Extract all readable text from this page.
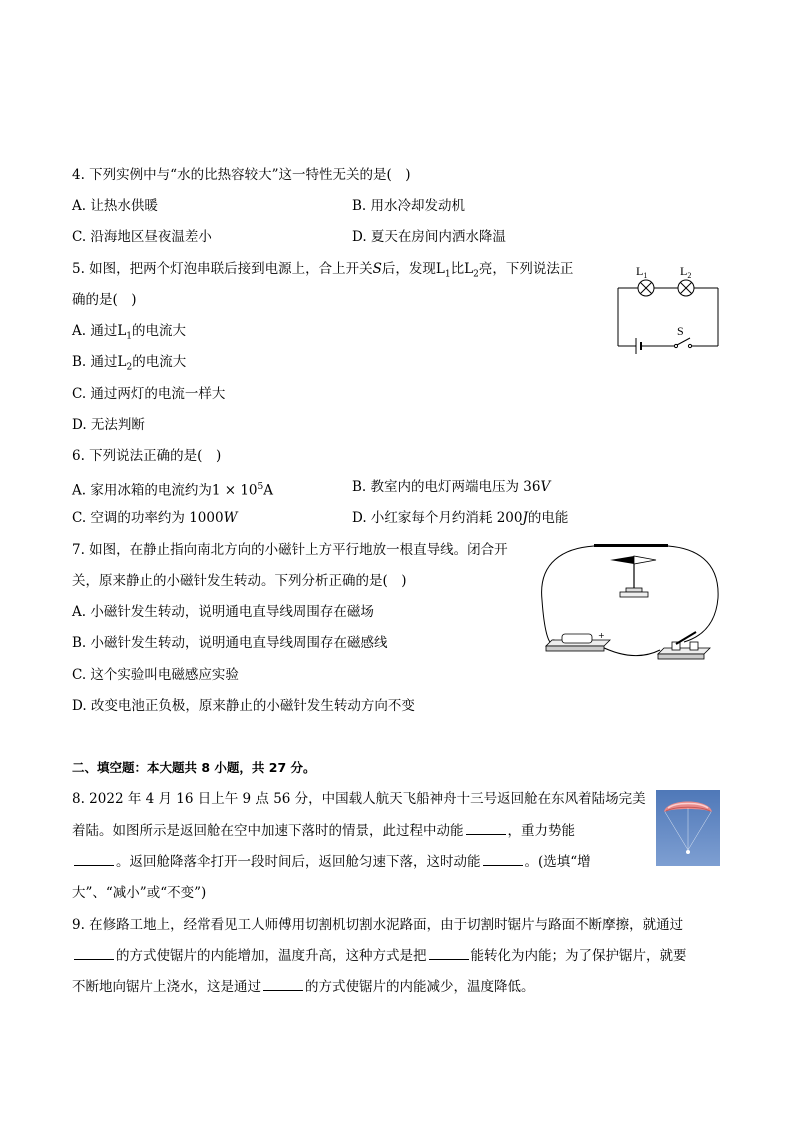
4. 下列实例中与“水的比热容较大”这一特性无关的是(　)
A. 让热水供暖	B. 用水冷却发动机
C. 沿海地区昼夜温差小	D. 夏天在房间内洒水降温
5. 如图，把两个灯泡串联后接到电源上，合上开关S后，发现$L_1$比$L_2$亮，下列说法正
确的是(　)
A. 通过$L_1$的电流大
B. 通过$L_2$的电流大
C. 通过两灯的电流一样大
D. 无法判断
$L_1$	$L_2$
S
6. 下列说法正确的是(　)
A. 家用冰箱的电流约为$1 \times 10^5A$	B. 教室内的电灯两端电压为 36V
C. 空调的功率约为 1000W	D. 小红家每个月约消耗 200J的电能
7. 如图，在静止指向南北方向的小磁针上方平行地放一根直导线。闭合开
关，原来静止的小磁针发生转动。下列分析正确的是(　)
A. 小磁针发生转动，说明通电直导线周围存在磁场
B. 小磁针发生转动，说明通电直导线周围存在磁感线
C. 这个实验叫电磁感应实验
D. 改变电池正负极，原来静止的小磁针发生转动方向不变
-	+
二、填空题：本大题共 8 小题，共 27 分。
8. 2022 年 4 月 16 日上午 9 点 56 分，中国载人航天飞船神舟十三号返回舱在东风着陆场完美
着陆。如图所示是返回舱在空中加速下落时的情景，此过程中动能	，重力势能
。返回舱降落伞打开一段时间后，返回舱匀速下落，这时动能	。(选填“增
大”、“减小”或“不变”)
9. 在修路工地上，经常看见工人师傅用切割机切割水泥路面，由于切割时锯片与路面不断摩擦，就通过
的方式使锯片的内能增加，温度升高，这种方式是把	能转化为内能；为了保护锯片，就要
不断地向锯片上浇水，这是通过	的方式使锯片的内能减少，温度降低。
